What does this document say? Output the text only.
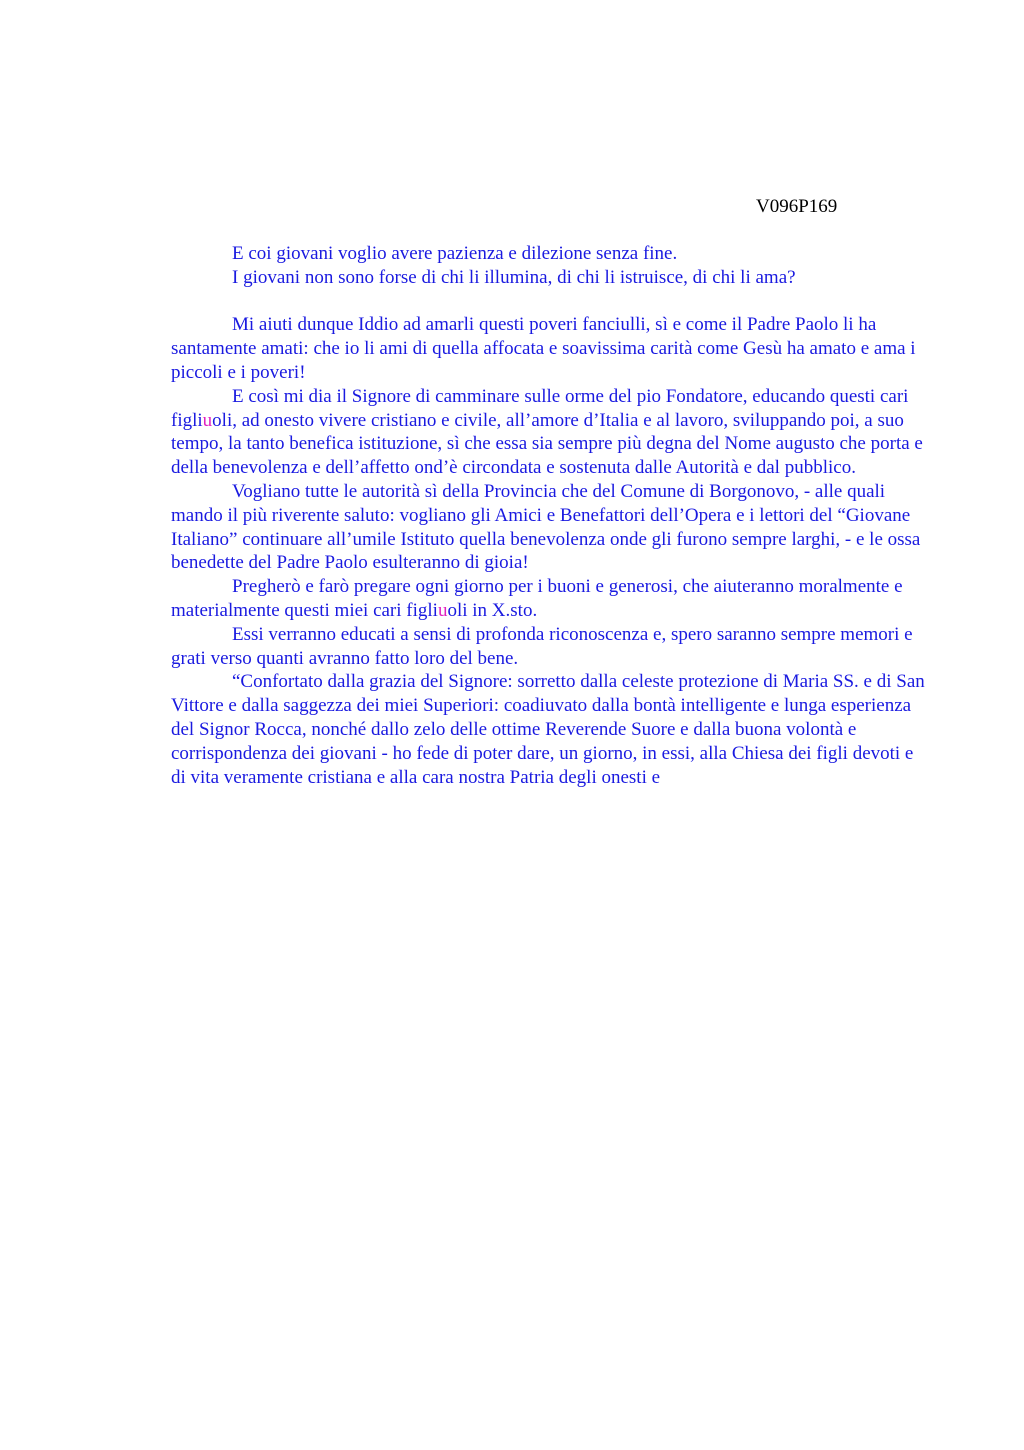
V096P169

E coi giovani voglio avere pazienza e dilezione senza fine.

I giovani non sono forse di chi li illumina, di chi li istruisce, di chi li ama?

Mi aiuti dunque Iddio ad amarli questi poveri fanciulli, sì e come il Padre Paolo li ha santamente amati: che io li ami di quella affocata e soavissima carità come Gesù ha amato e ama i piccoli e i poveri!

E così mi dia il Signore di camminare sulle orme del pio Fondatore, educando questi cari figliuoli, ad onesto vivere cristiano e civile, all’amore d’Italia e al lavoro, sviluppando poi, a suo tempo, la tanto benefica istituzione, sì che essa sia sempre più degna del Nome augusto che porta e della benevolenza e dell’affetto ond’è circondata e sostenuta dalle Autorità e dal pubblico.

Vogliano tutte le autorità sì della Provincia che del Comune di Borgonovo, - alle quali mando il più riverente saluto: vogliano gli Amici e Benefattori dell’Opera e i lettori del “Giovane Italiano” continuare all’umile Istituto quella benevolenza onde gli furono sempre larghi, - e le ossa benedette del Padre Paolo esulteranno di gioia!

Pregherò e farò pregare ogni giorno per i buoni e generosi, che aiuteranno moralmente e materialmente questi miei cari figliuoli in X.sto.

Essi verranno educati a sensi di profonda riconoscenza e, spero saranno sempre memori e grati verso quanti avranno fatto loro del bene.

“Confortato dalla grazia del Signore: sorretto dalla celeste protezione di Maria SS. e di San Vittore e dalla saggezza dei miei Superiori: coadiuvato dalla bontà intelligente e lunga esperienza del Signor Rocca, nonché dallo zelo delle ottime Reverende Suore e dalla buona volontà e corrispondenza dei giovani - ho fede di poter dare, un giorno, in essi, alla Chiesa dei figli devoti e di vita veramente cristiana e alla cara nostra Patria degli onesti e
